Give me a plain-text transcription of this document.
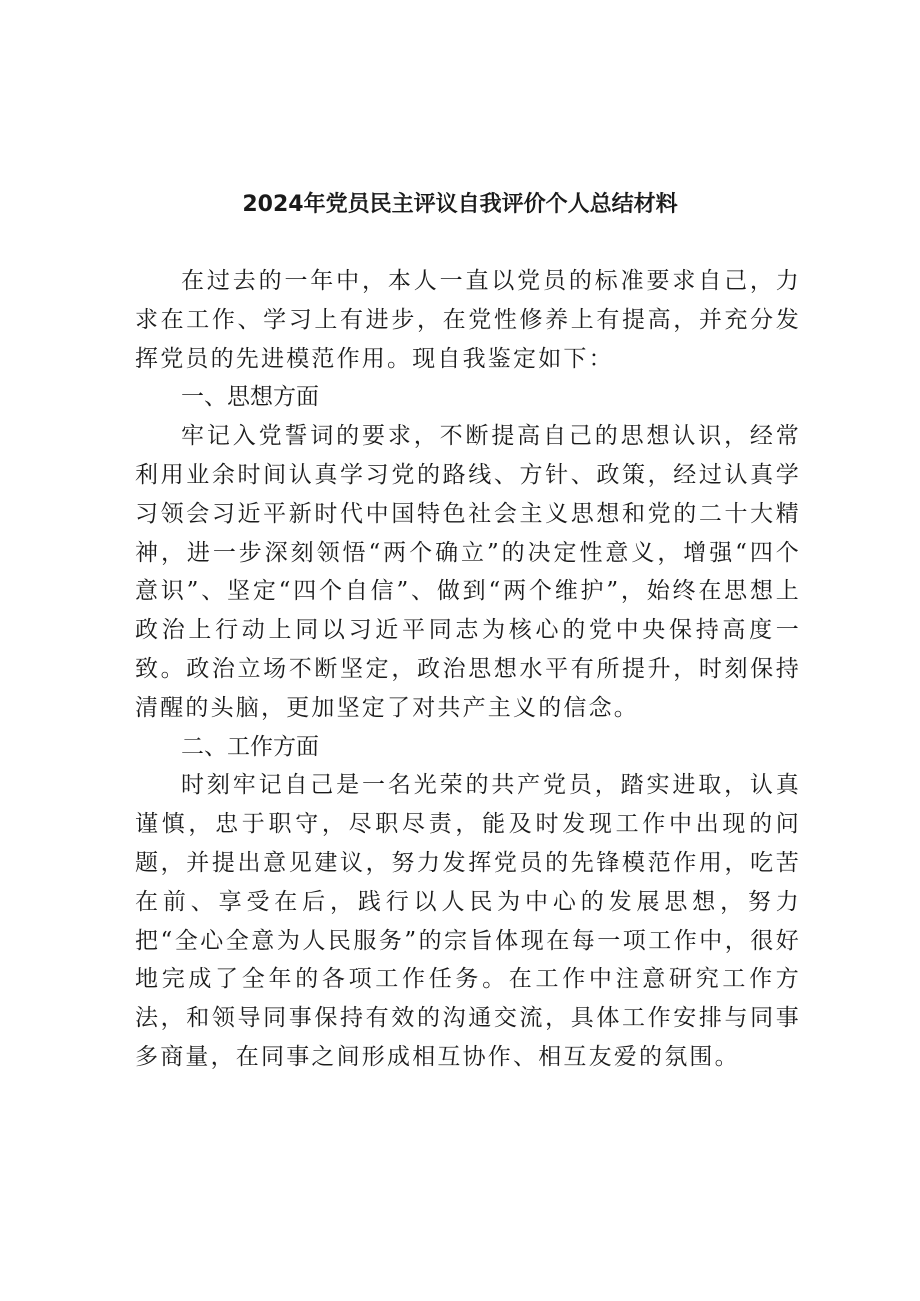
2024年党员民主评议自我评价个人总结材料

在过去的一年中，本人一直以党员的标准要求自己，力求在工作、学习上有进步，在党性修养上有提高，并充分发挥党员的先进模范作用。现自我鉴定如下：

一、思想方面

牢记入党誓词的要求，不断提高自己的思想认识，经常利用业余时间认真学习党的路线、方针、政策，经过认真学习领会习近平新时代中国特色社会主义思想和党的二十大精神，进一步深刻领悟“两个确立”的决定性意义，增强“四个意识”、坚定“四个自信”、做到“两个维护”，始终在思想上政治上行动上同以习近平同志为核心的党中央保持高度一致。政治立场不断坚定，政治思想水平有所提升，时刻保持清醒的头脑，更加坚定了对共产主义的信念。

二、工作方面

时刻牢记自己是一名光荣的共产党员，踏实进取，认真谨慎，忠于职守，尽职尽责，能及时发现工作中出现的问题，并提出意见建议，努力发挥党员的先锋模范作用，吃苦在前、享受在后，践行以人民为中心的发展思想，努力把“全心全意为人民服务”的宗旨体现在每一项工作中，很好地完成了全年的各项工作任务。在工作中注意研究工作方法，和领导同事保持有效的沟通交流，具体工作安排与同事多商量，在同事之间形成相互协作、相互友爱的氛围。
